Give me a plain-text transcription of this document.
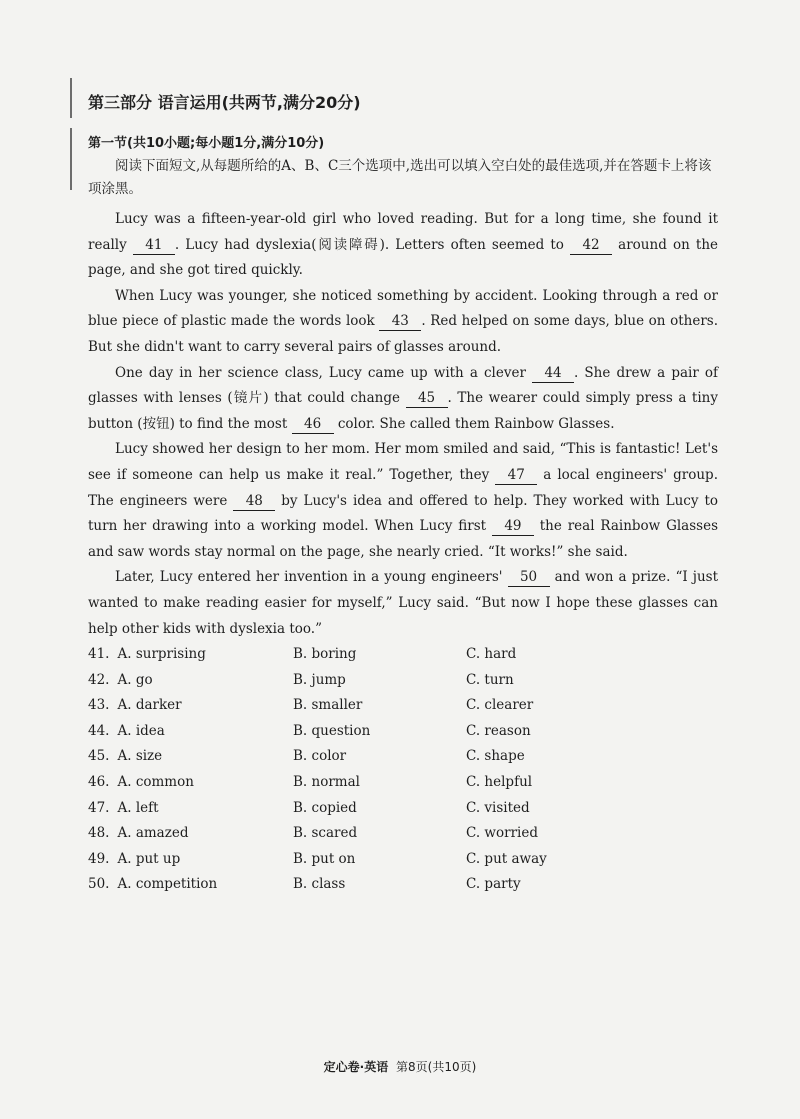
第三部分 语言运用(共两节,满分20分)
第一节(共10小题;每小题1分,满分10分)
阅读下面短文,从每题所给的A、B、C三个选项中,选出可以填入空白处的最佳选项,并在答题卡上将该项涂黑。

Lucy was a fifteen-year-old girl who loved reading. But for a long time, she found it really 41 . Lucy had dyslexia(阅读障碍). Letters often seemed to 42 around on the page, and she got tired quickly.

When Lucy was younger, she noticed something by accident. Looking through a red or blue piece of plastic made the words look 43 . Red helped on some days, blue on others. But she didn't want to carry several pairs of glasses around.

One day in her science class, Lucy came up with a clever 44 . She drew a pair of glasses with lenses (镜片) that could change 45 . The wearer could simply press a tiny button (按钮) to find the most 46 color. She called them Rainbow Glasses.

Lucy showed her design to her mom. Her mom smiled and said, “This is fantastic! Let's see if someone can help us make it real.” Together, they 47 a local engineers' group. The engineers were 48 by Lucy's idea and offered to help. They worked with Lucy to turn her drawing into a working model. When Lucy first 49 the real Rainbow Glasses and saw words stay normal on the page, she nearly cried. “It works!” she said.

Later, Lucy entered her invention in a young engineers' 50 and won a prize. “I just wanted to make reading easier for myself,” Lucy said. “But now I hope these glasses can help other kids with dyslexia too.”

41. A. surprising	B. boring	C. hard
42. A. go	B. jump	C. turn
43. A. darker	B. smaller	C. clearer
44. A. idea	B. question	C. reason
45. A. size	B. color	C. shape
46. A. common	B. normal	C. helpful
47. A. left	B. copied	C. visited
48. A. amazed	B. scared	C. worried
49. A. put up	B. put on	C. put away
50. A. competition	B. class	C. party
定心卷·英语 第8页(共10页)
